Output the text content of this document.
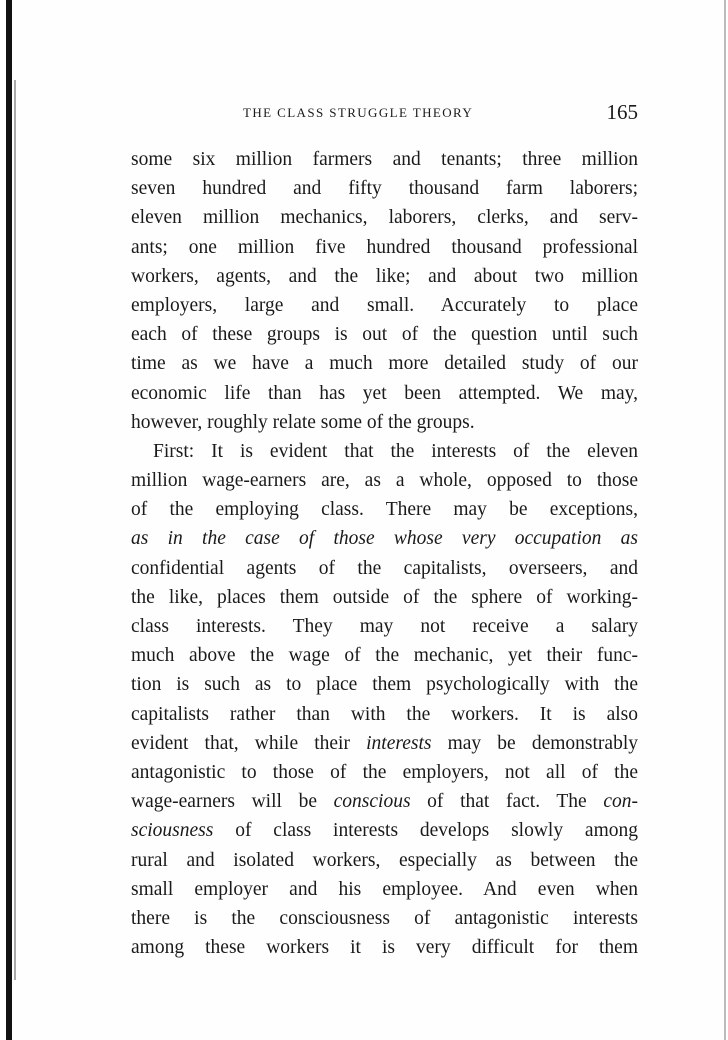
THE CLASS STRUGGLE THEORY	165
some six million farmers and tenants; three million
seven hundred and fifty thousand farm laborers;
eleven million mechanics, laborers, clerks, and serv-
ants; one million five hundred thousand professional
workers, agents, and the like; and about two million
employers, large and small. Accurately to place
each of these groups is out of the question until such
time as we have a much more detailed study of our
economic life than has yet been attempted. We may,
however, roughly relate some of the groups.
First: It is evident that the interests of the eleven
million wage-earners are, as a whole, opposed to those
of the employing class. There may be exceptions,
as in the case of those whose very occupation as
confidential agents of the capitalists, overseers, and
the like, places them outside of the sphere of working-
class interests. They may not receive a salary
much above the wage of the mechanic, yet their func-
tion is such as to place them psychologically with the
capitalists rather than with the workers. It is also
evident that, while their interests may be demonstrably
antagonistic to those of the employers, not all of the
wage-earners will be conscious of that fact. The con-
sciousness of class interests develops slowly among
rural and isolated workers, especially as between the
small employer and his employee. And even when
there is the consciousness of antagonistic interests
among these workers it is very difficult for them
